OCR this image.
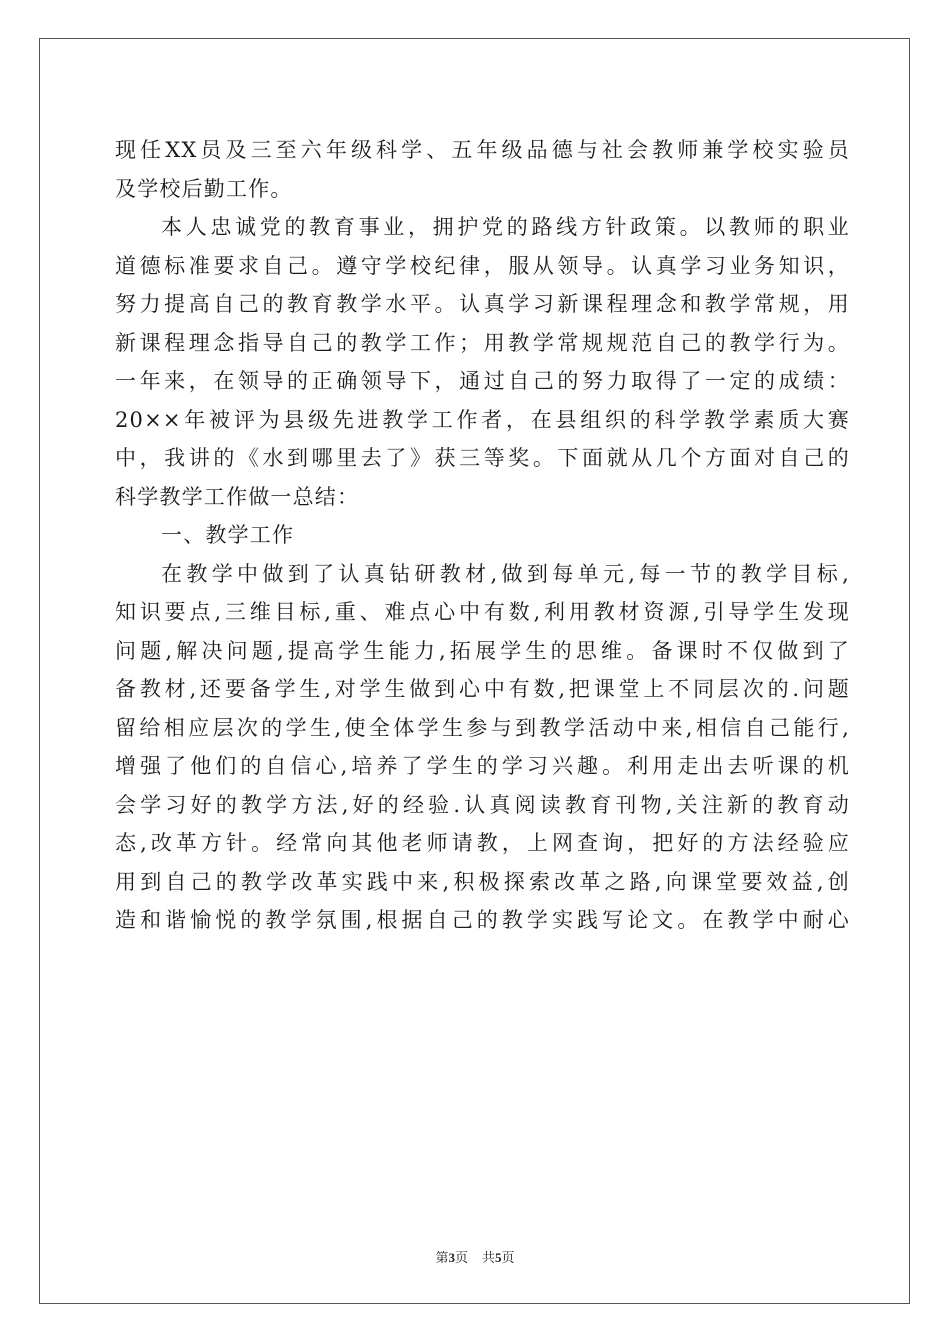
现任XX员及三至六年级科学、五年级品德与社会教师兼学校实验员
及学校后勤工作。
本人忠诚党的教育事业，拥护党的路线方针政策。以教师的职业
道德标准要求自己。遵守学校纪律，服从领导。认真学习业务知识，
努力提高自己的教育教学水平。认真学习新课程理念和教学常规，用
新课程理念指导自己的教学工作；用教学常规规范自己的教学行为。
一年来，在领导的正确领导下，通过自己的努力取得了一定的成绩：
20××年被评为县级先进教学工作者，在县组织的科学教学素质大赛
中，我讲的《水到哪里去了》获三等奖。下面就从几个方面对自己的
科学教学工作做一总结：
一、教学工作
在教学中做到了认真钻研教材,做到每单元,每一节的教学目标,
知识要点,三维目标,重、难点心中有数,利用教材资源,引导学生发现
问题,解决问题,提高学生能力,拓展学生的思维。备课时不仅做到了
备教材,还要备学生,对学生做到心中有数,把课堂上不同层次的.问题
留给相应层次的学生,使全体学生参与到教学活动中来,相信自己能行,
增强了他们的自信心,培养了学生的学习兴趣。利用走出去听课的机
会学习好的教学方法,好的经验.认真阅读教育刊物,关注新的教育动
态,改革方针。经常向其他老师请教，上网查询，把好的方法经验应
用到自己的教学改革实践中来,积极探索改革之路,向课堂要效益,创
造和谐愉悦的教学氛围,根据自己的教学实践写论文。在教学中耐心
第3页 共5页
